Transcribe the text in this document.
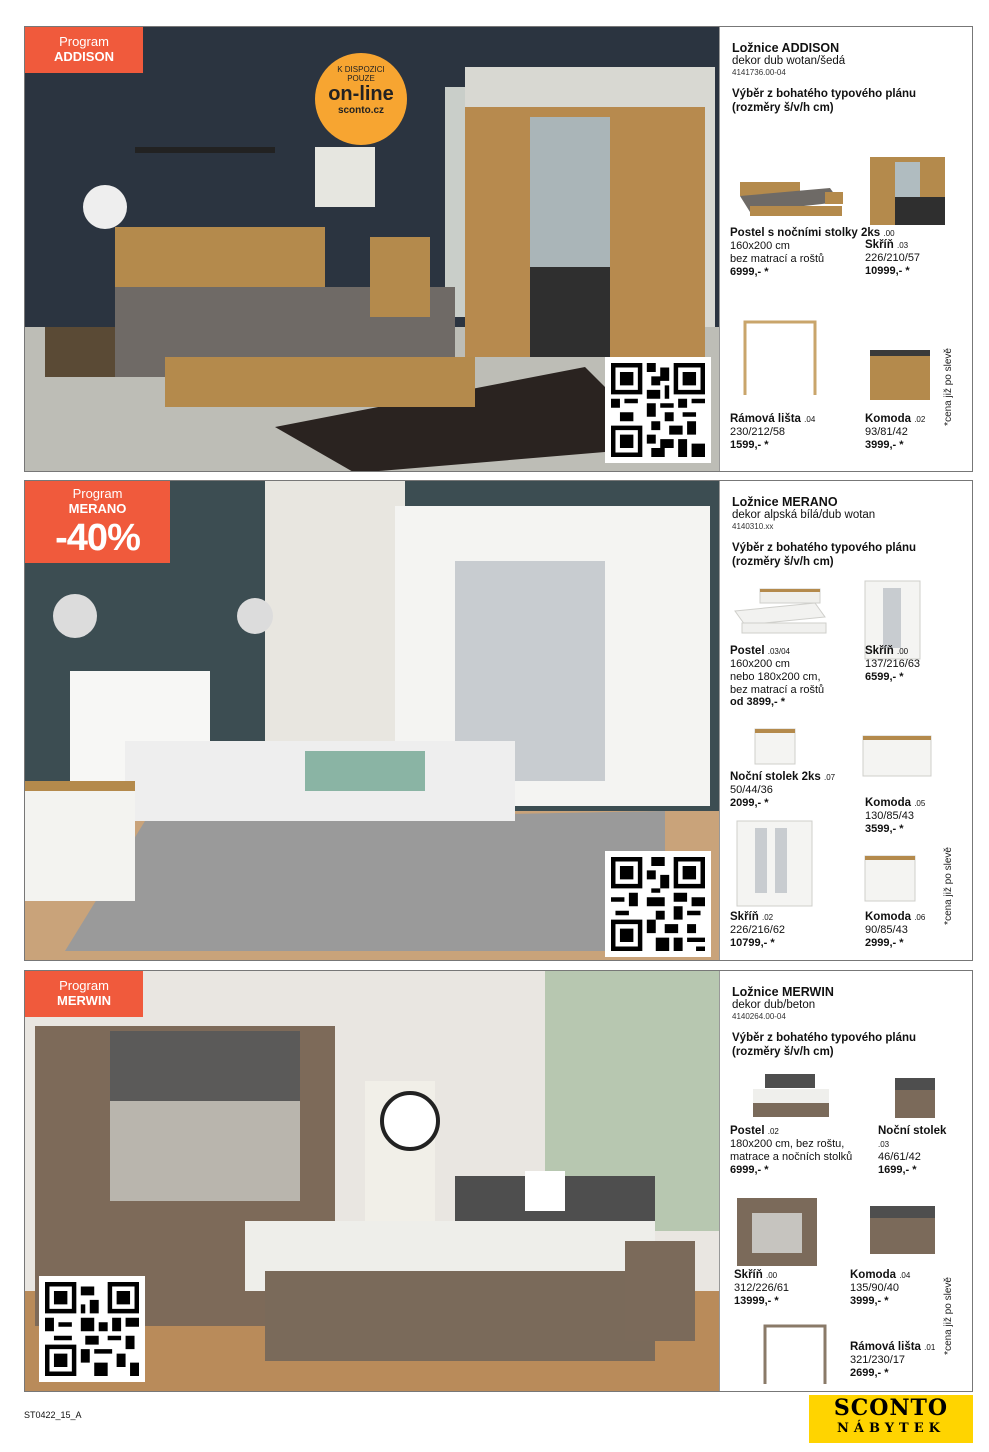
Program
ADDISON
K DISPOZICI
POUZE
on-line
sconto.cz
Ložnice ADDISON
dekor dub wotan/šedá
4141736.00-04
Výběr z bohatého typového plánu (rozměry š/v/h cm)
Postel s nočními stolky 2ks .00
160x200 cm
bez matrací a roštů
6999,- *
Skříň .03
226/210/57
10999,- *
Rámová lišta .04
230/212/58
1599,- *
Komoda .02
93/81/42
3999,- *
*cena již po slevě
Program
MERANO
-40%
Ložnice MERANO
dekor alpská bílá/dub wotan
4140310.xx
Výběr z bohatého typového plánu (rozměry š/v/h cm)
Postel .03/04
160x200 cm
nebo 180x200 cm,
bez matrací a roštů
od 3899,- *
Skříň .00
137/216/63
6599,- *
Noční stolek 2ks .07
50/44/36
2099,- *	Komoda .05
130/85/43
3599,- *
Skříň .02
226/216/62
10799,- *
Komoda .06
90/85/43
2999,- *
*cena již po slevě
Program
MERWIN
Ložnice MERWIN
dekor dub/beton
4140264.00-04
Výběr z bohatého typového plánu (rozměry š/v/h cm)
Postel .02
180x200 cm, bez roštu,
matrace a nočních stolků
6999,- *
Noční stolek .03
46/61/42
1699,- *
Skříň .00
312/226/61
13999,- *
Komoda .04
135/90/40
3999,- *
Rámová lišta .01
321/230/17
2699,- *
*cena již po slevě
ST0422_15_A	SCONTO
NÁBYTEK
